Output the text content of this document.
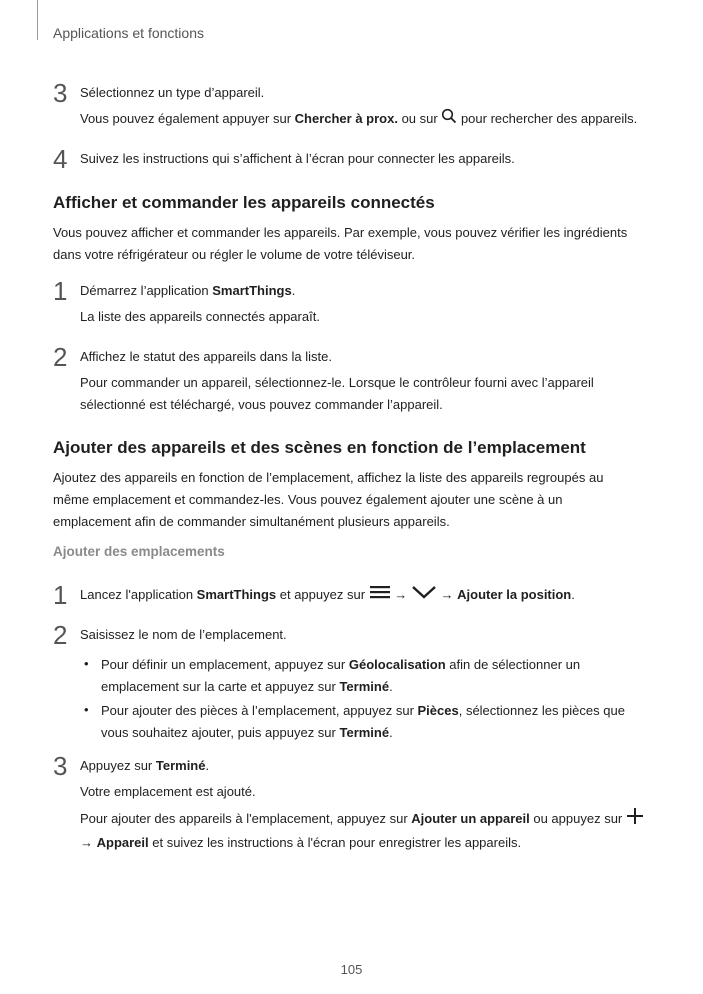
Applications et fonctions
3 Sélectionnez un type d’appareil.
Vous pouvez également appuyer sur Chercher à prox. ou sur  pour rechercher des appareils.
4 Suivez les instructions qui s’affichent à l’écran pour connecter les appareils.
Afficher et commander les appareils connectés
Vous pouvez afficher et commander les appareils. Par exemple, vous pouvez vérifier les ingrédients dans votre réfrigérateur ou régler le volume de votre téléviseur.
1 Démarrez l’application SmartThings.
La liste des appareils connectés apparaît.
2 Affichez le statut des appareils dans la liste.
Pour commander un appareil, sélectionnez-le. Lorsque le contrôleur fourni avec l’appareil sélectionné est téléchargé, vous pouvez commander l’appareil.
Ajouter des appareils et des scènes en fonction de l’emplacement
Ajoutez des appareils en fonction de l’emplacement, affichez la liste des appareils regroupés au même emplacement et commandez-les. Vous pouvez également ajouter une scène à un emplacement afin de commander simultanément plusieurs appareils.
Ajouter des emplacements
1 Lancez l'application SmartThings et appuyez sur  →	→ Ajouter la position.
2 Saisissez le nom de l’emplacement.
• Pour définir un emplacement, appuyez sur Géolocalisation afin de sélectionner un emplacement sur la carte et appuyez sur Terminé.
• Pour ajouter des pièces à l’emplacement, appuyez sur Pièces, sélectionnez les pièces que vous souhaitez ajouter, puis appuyez sur Terminé.
3 Appuyez sur Terminé.
Votre emplacement est ajouté.
Pour ajouter des appareils à l'emplacement, appuyez sur Ajouter un appareil ou appuyez sur
→ Appareil et suivez les instructions à l'écran pour enregistrer les appareils.
105
